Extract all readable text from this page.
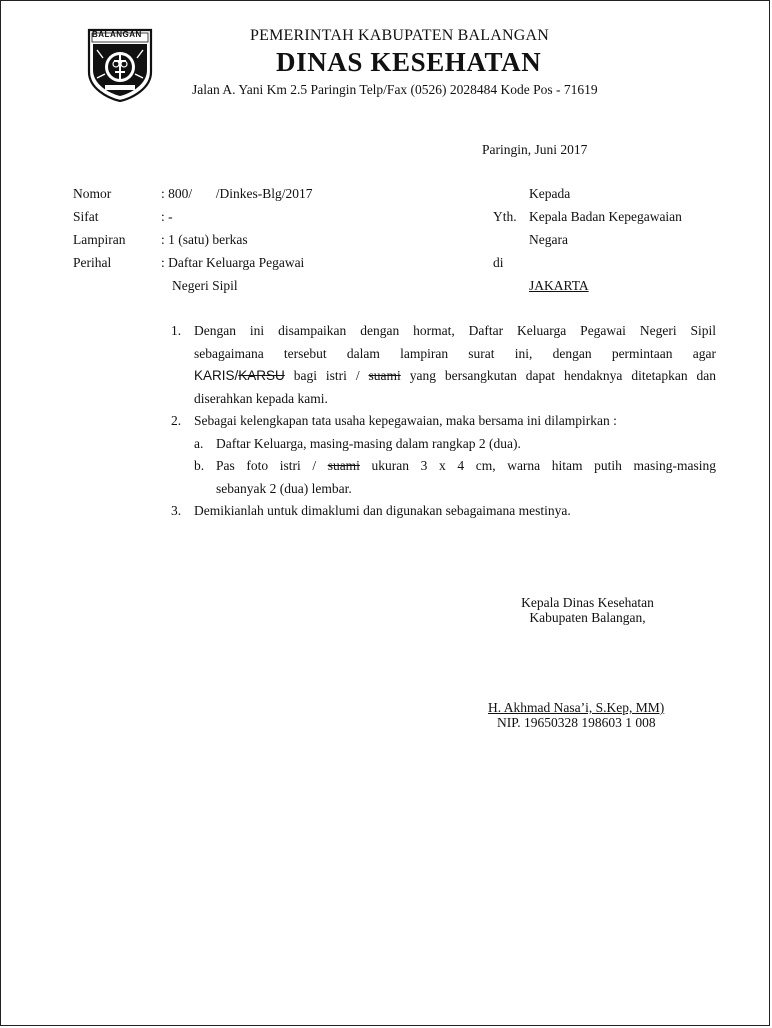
BALANGAN	PEMERINTAH KABUPATEN BALANGAN
DINAS KESEHATAN
Jalan A. Yani Km 2.5 Paringin Telp/Fax (0526) 2028484 Kode Pos - 71619
Paringin, Juni 2017
Nomor	: 800/       /Dinkes-Blg/2017
Sifat	: -
Lampiran	: 1 (satu) berkas
Perihal	: Daftar Keluarga Pegawai
Negeri Sipil
Kepada
Yth. Kepala Badan Kepegawaian
Negara
di
JAKARTA
1. Dengan ini disampaikan dengan hormat, Daftar Keluarga Pegawai Negeri Sipil
sebagaimana tersebut dalam lampiran surat ini, dengan permintaan agar
KARIS/KARSU bagi istri / suami yang bersangkutan dapat hendaknya ditetapkan dan
diserahkan kepada kami.
2. Sebagai kelengkapan tata usaha kepegawaian, maka bersama ini dilampirkan :
a. Daftar Keluarga, masing-masing dalam rangkap 2 (dua).
b. Pas foto istri / suami ukuran 3 x 4 cm, warna hitam putih masing-masing
sebanyak 2 (dua) lembar.
3. Demikianlah untuk dimaklumi dan digunakan sebagaimana mestinya.
Kepala Dinas Kesehatan
Kabupaten Balangan,
H. Akhmad Nasa’i, S.Kep, MM)
NIP. 19650328 198603 1 008
